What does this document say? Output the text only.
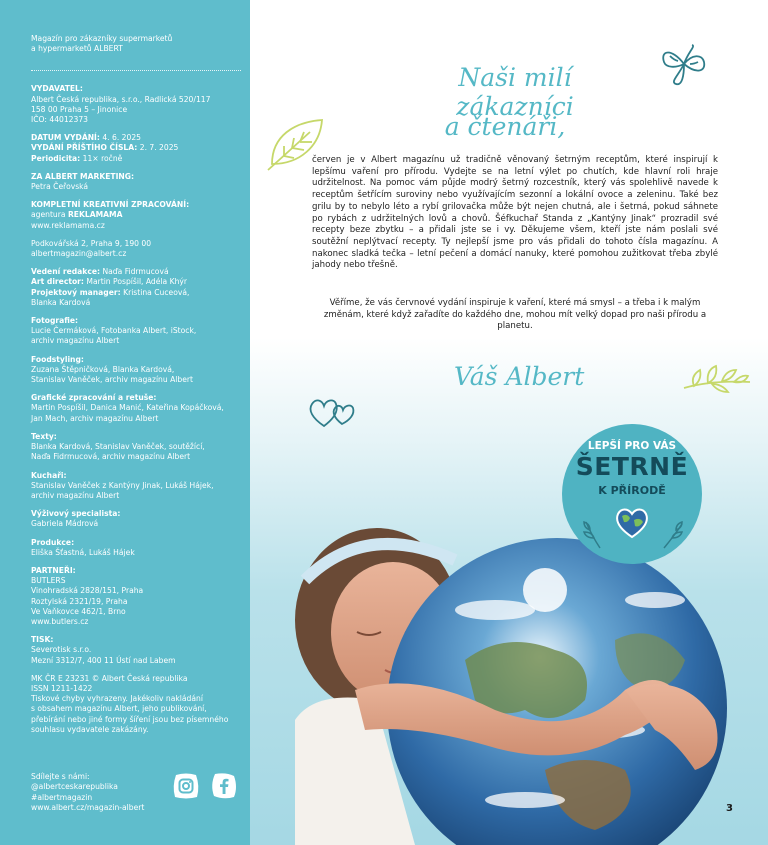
Magazín pro zákazníky supermarketů
a hypermarketů ALBERT
VYDAVATEL:
Albert Česká republika, s.r.o., Radlická 520/117
158 00 Praha 5 – Jinonice
IČO: 44012373
DATUM VYDÁNÍ: 4. 6. 2025
VYDÁNÍ PŘÍŠTÍHO ČÍSLA: 2. 7. 2025
Periodicita: 11× ročně
ZA ALBERT MARKETING:
Petra Čeřovská
KOMPLETNÍ KREATIVNÍ ZPRACOVÁNÍ:
agentura REKLAMAMA
www.reklamama.cz
Podkovářská 2, Praha 9, 190 00
albertmagazin@albert.cz
Vedení redakce: Naďa Fidrmucová
Art director: Martin Pospíšil, Adéla Khýr
Projektový manager: Kristina Cuceová,
Blanka Kardová
Fotografie:
Lucie Čermáková, Fotobanka Albert, iStock,
archiv magazínu Albert
Foodstyling:
Zuzana Štěpničková, Blanka Kardová,
Stanislav Vaněček, archiv magazínu Albert
Grafické zpracování a retuše:
Martin Pospíšil, Danica Manić, Kateřina Kopáčková,
Jan Mach, archiv magazínu Albert
Texty:
Blanka Kardová, Stanislav Vaněček, soutěžící,
Naďa Fidrmucová, archiv magazínu Albert
Kuchaři:
Stanislav Vaněček z Kantýny Jinak, Lukáš Hájek,
archiv magazínu Albert
Výživový specialista:
Gabriela Mádrová
Produkce:
Eliška Šťastná, Lukáš Hájek
PARTNEŘI:
BUTLERS
Vinohradská 2828/151, Praha
Roztylská 2321/19, Praha
Ve Vaňkovce 462/1, Brno
www.butlers.cz
TISK:
Severotisk s.r.o.
Mezní 3312/7, 400 11 Ústí nad Labem
MK ČR E 23231 © Albert Česká republika
ISSN 1211-1422
Tiskové chyby vyhrazeny. Jakékoliv nakládání
s obsahem magazínu Albert, jeho publikování,
přebírání nebo jiné formy šíření jsou bez písemného
souhlasu vydavatele zakázány.
Sdílejte s námi:
@albertceskarepublika
#albertmagazin
www.albert.cz/magazin-albert
Naši milí zákazníci
a čtenáři,

červen je v Albert magazínu už tradičně věnovaný šetrným receptům, které inspirují k lepšímu vaření pro přírodu. Vydejte se na letní výlet po chutích, kde hlavní roli hraje udržitelnost. Na pomoc vám půjde modrý šetrný rozcestník, který vás spolehlivě navede k receptům šetřícím suroviny nebo využívajícím sezonní a lokální ovoce a zeleninu. Také bez grilu by to nebylo léto a rybí grilovačka může být nejen chutná, ale i šetrná, pokud sáhnete po rybách z udržitelných lovů a chovů. Šéfkuchař Standa z „Kantýny Jinak“ prozradil své recepty beze zbytku – a přidali jste se i vy. Děkujeme všem, kteří jste nám poslali své soutěžní neplýtvací recepty. Ty nejlepší jsme pro vás přidali do tohoto čísla magazínu. A nakonec sladká tečka – letní pečení a domácí nanuky, které pomohou zužitkovat třeba zbylé jahody nebo třešně.

Věříme, že vás červnové vydání inspiruje k vaření, které má smysl – a třeba i k malým změnám, které když zařadíte do každého dne, mohou mít velký dopad pro naši přírodu a planetu.

Váš Albert
LEPŠÍ PRO VÁS
ŠETRNĚ
K PŘÍRODĚ
3
